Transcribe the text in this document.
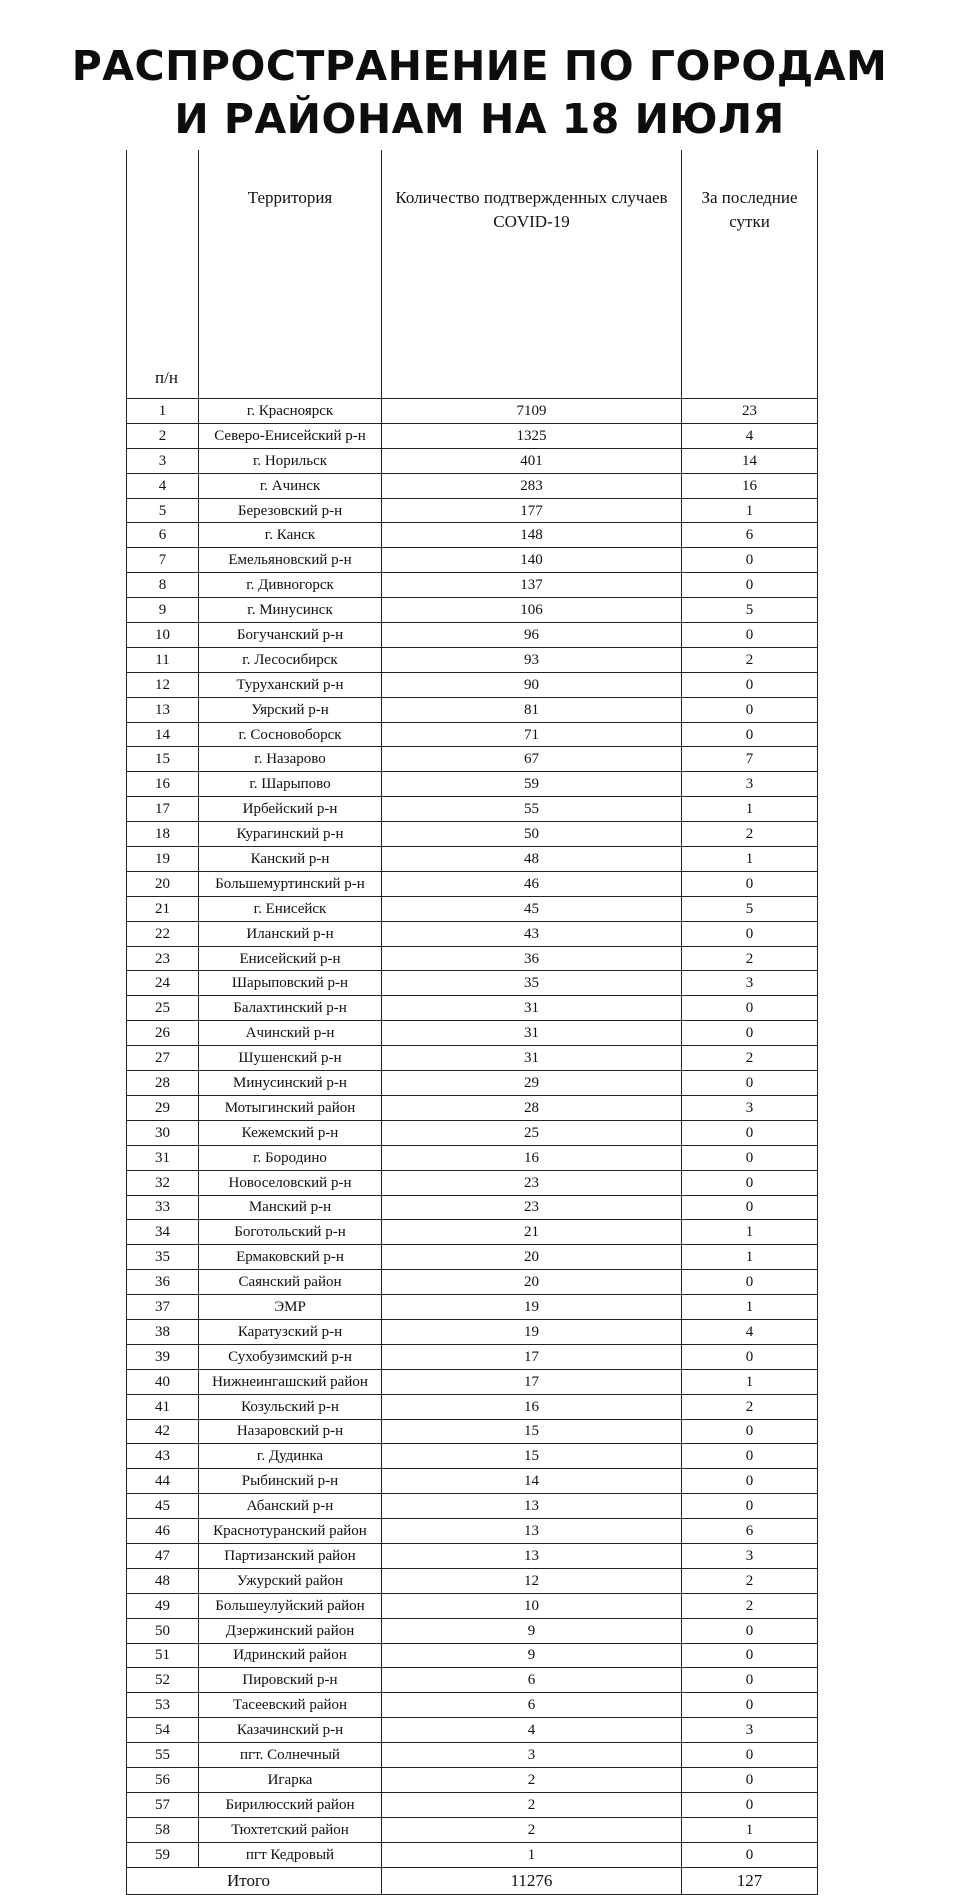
РАСПРОСТРАНЕНИЕ ПО ГОРОДАМ
И РАЙОНАМ НА 18 ИЮЛЯ
п/н	Территория	Количество подтвержденных случаев COVID-19	За последние сутки
1	г. Красноярск	7109	23
2	Северо-Енисейский р-н	1325	4
3	г. Норильск	401	14
4	г. Ачинск	283	16
5	Березовский р-н	177	1
6	г. Канск	148	6
7	Емельяновский р-н	140	0
8	г. Дивногорск	137	0
9	г. Минусинск	106	5
10	Богучанский р-н	96	0
11	г. Лесосибирск	93	2
12	Туруханский р-н	90	0
13	Уярский р-н	81	0
14	г. Сосновоборск	71	0
15	г. Назарово	67	7
16	г. Шарыпово	59	3
17	Ирбейский р-н	55	1
18	Курагинский р-н	50	2
19	Канский р-н	48	1
20	Большемуртинский р-н	46	0
21	г. Енисейск	45	5
22	Иланский р-н	43	0
23	Енисейский р-н	36	2
24	Шарыповский р-н	35	3
25	Балахтинский р-н	31	0
26	Ачинский р-н	31	0
27	Шушенский р-н	31	2
28	Минусинский р-н	29	0
29	Мотыгинский район	28	3
30	Кежемский р-н	25	0
31	г. Бородино	16	0
32	Новоселовский р-н	23	0
33	Манский р-н	23	0
34	Боготольский р-н	21	1
35	Ермаковский р-н	20	1
36	Саянский район	20	0
37	ЭМР	19	1
38	Каратузский р-н	19	4
39	Сухобузимский р-н	17	0
40	Нижнеингашский район	17	1
41	Козульский р-н	16	2
42	Назаровский р-н	15	0
43	г. Дудинка	15	0
44	Рыбинский р-н	14	0
45	Абанский р-н	13	0
46	Краснотуранский район	13	6
47	Партизанский район	13	3
48	Ужурский район	12	2
49	Большеулуйский район	10	2
50	Дзержинский район	9	0
51	Идринский район	9	0
52	Пировский р-н	6	0
53	Тасеевский район	6	0
54	Казачинский р-н	4	3
55	пгт. Солнечный	3	0
56	Игарка	2	0
57	Бирилюсский район	2	0
58	Тюхтетский район	2	1
59	пгт Кедровый	1	0
Итого		11276	127
